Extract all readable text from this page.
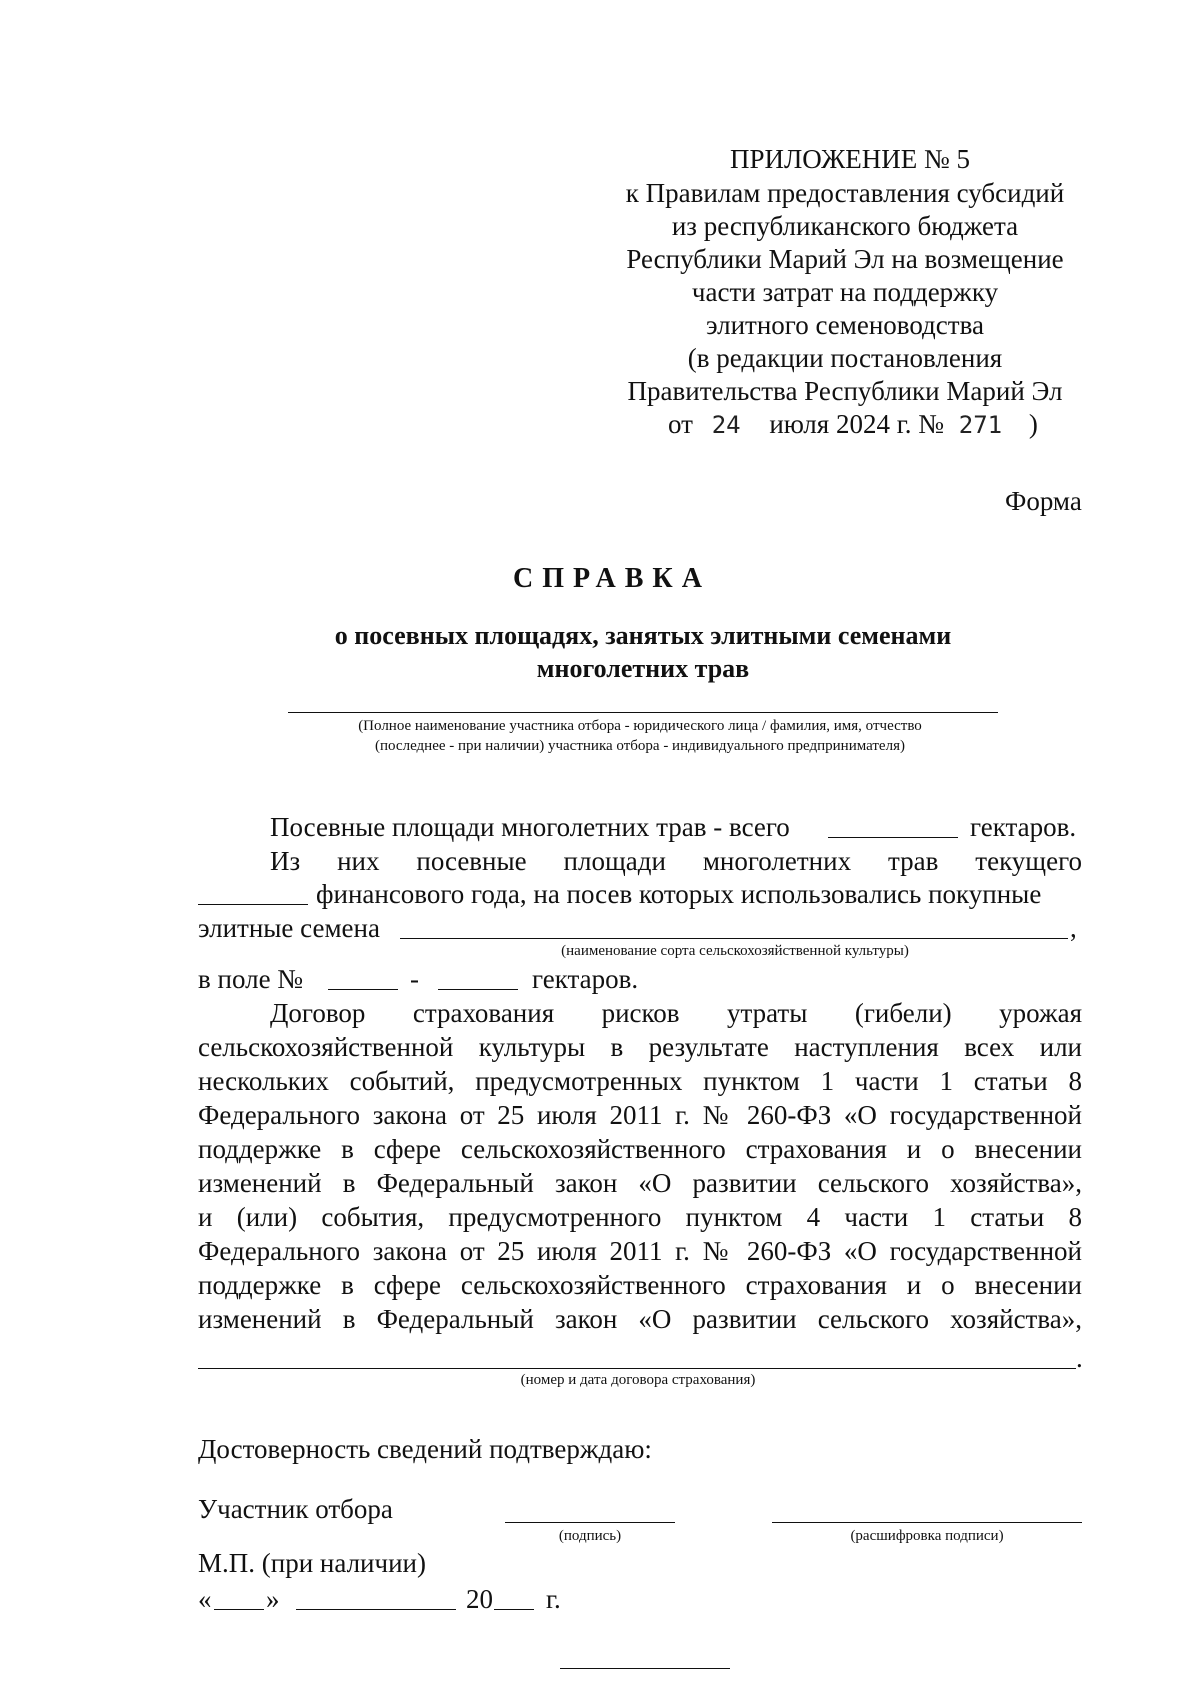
ПРИЛОЖЕНИЕ № 5
к Правилам предоставления субсидий
из республиканского бюджета
Республики Марий Эл на возмещение
части затрат на поддержку
элитного семеноводства
(в редакции постановления
Правительства Республики Марий Эл
от 24 июля 2024 г. № 271 )
Форма
СПРАВКА
о посевных площадях, занятых элитными семенами
многолетних трав
(Полное наименование участника отбора - юридического лица / фамилия, имя, отчество
(последнее - при наличии) участника отбора - индивидуального предпринимателя)
Посевные площади многолетних трав - всего	гектаров.
Из них посевные площади многолетних трав текущего
финансового года, на посев которых использовались покупные
элитные семена	,
(наименование сорта сельскохозяйственной культуры)
в поле №	-	гектаров.
Договор страхования рисков утраты (гибели) урожая
сельскохозяйственной культуры в результате наступления всех или
нескольких событий, предусмотренных пунктом 1 части 1 статьи 8
Федерального закона от 25 июля 2011 г. № 260-ФЗ «О государственной
поддержке в сфере сельскохозяйственного страхования и о внесении
изменений в Федеральный закон «О развитии сельского хозяйства»,
и (или) события, предусмотренного пунктом 4 части 1 статьи 8
Федерального закона от 25 июля 2011 г. № 260-ФЗ «О государственной
поддержке в сфере сельскохозяйственного страхования и о внесении
изменений в Федеральный закон «О развитии сельского хозяйства»,
.
(номер и дата договора страхования)
Достоверность сведений подтверждаю:
Участник отбора
(подпись)	(расшифровка подписи)
М.П. (при наличии)
« »	20 г.
